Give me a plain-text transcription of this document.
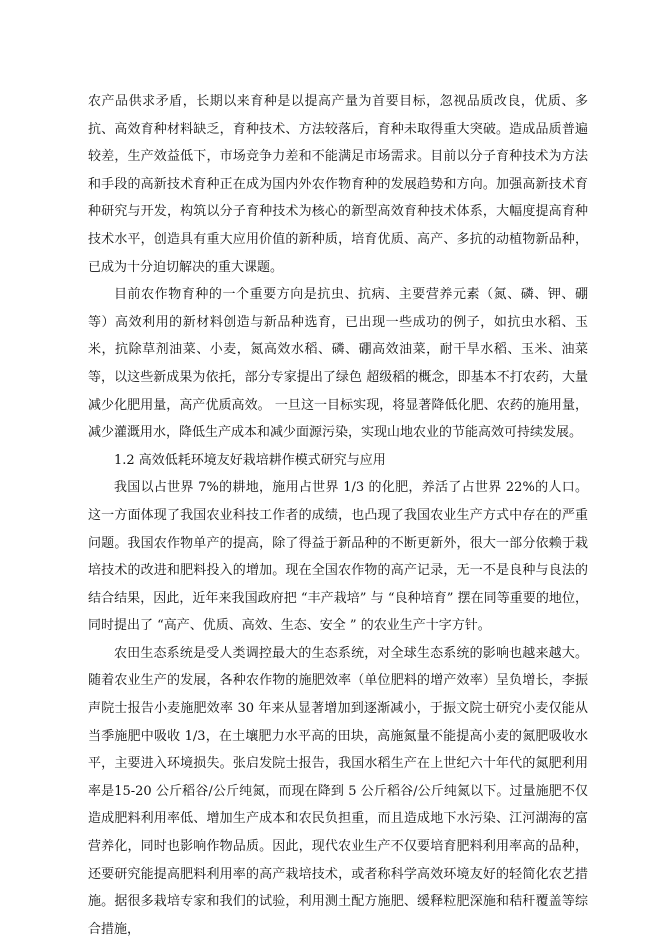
农产品供求矛盾，长期以来育种是以提高产量为首要目标，忽视品质改良，优质、多抗、高效育种材料缺乏，育种技术、方法较落后，育种未取得重大突破。造成品质普遍较差，生产效益低下，市场竞争力差和不能满足市场需求。目前以分子育种技术为方法和手段的高新技术育种正在成为国内外农作物育种的发展趋势和方向。加强高新技术育种研究与开发，构筑以分子育种技术为核心的新型高效育种技术体系，大幅度提高育种技术水平，创造具有重大应用价值的新种质，培育优质、高产、多抗的动植物新品种，已成为十分迫切解决的重大课题。

目前农作物育种的一个重要方向是抗虫、抗病、主要营养元素（氮、磷、钾、硼等）高效利用的新材料创造与新品种选育，已出现一些成功的例子，如抗虫水稻、玉米，抗除草剂油菜、小麦，氮高效水稻、磷、硼高效油菜，耐干旱水稻、玉米、油菜等，以这些新成果为依托，部分专家提出了绿色 超级稻的概念，即基本不打农药，大量减少化肥用量，高产优质高效。 一旦这一目标实现，将显著降低化肥、农药的施用量，减少灌溉用水，降低生产成本和减少面源污染，实现山地农业的节能高效可持续发展。

1.2 高效低耗环境友好栽培耕作模式研究与应用

我国以占世界 7%的耕地，施用占世界 1/3 的化肥，养活了占世界 22%的人口。这一方面体现了我国农业科技工作者的成绩，也凸现了我国农业生产方式中存在的严重问题。我国农作物单产的提高，除了得益于新品种的不断更新外，很大一部分依赖于栽培技术的改进和肥料投入的增加。现在全国农作物的高产记录，无一不是良种与良法的结合结果，因此，近年来我国政府把 “丰产栽培” 与 “良种培育” 摆在同等重要的地位，同时提出了 “高产、优质、高效、生态、安全 ” 的农业生产十字方针。

农田生态系统是受人类调控最大的生态系统，对全球生态系统的影响也越来越大。随着农业生产的发展，各种农作物的施肥效率（单位肥料的增产效率）呈负增长，李振声院士报告小麦施肥效率 30 年来从显著增加到逐渐减小，于振文院士研究小麦仅能从当季施肥中吸收 1/3，在土壤肥力水平高的田块，高施氮量不能提高小麦的氮肥吸收水平，主要进入环境损失。张启发院士报告，我国水稻生产在上世纪六十年代的氮肥利用率是15-20 公斤稻谷/公斤纯氮，而现在降到 5 公斤稻谷/公斤纯氮以下。过量施肥不仅造成肥料利用率低、增加生产成本和农民负担重，而且造成地下水污染、江河湖海的富营养化，同时也影响作物品质。因此，现代农业生产不仅要培育肥料利用率高的品种，还要研究能提高肥料利用率的高产栽培技术，或者称科学高效环境友好的轻简化农艺措施。据很多栽培专家和我们的试验，利用测土配方施肥、缓释粒肥深施和秸秆覆盖等综合措施，
